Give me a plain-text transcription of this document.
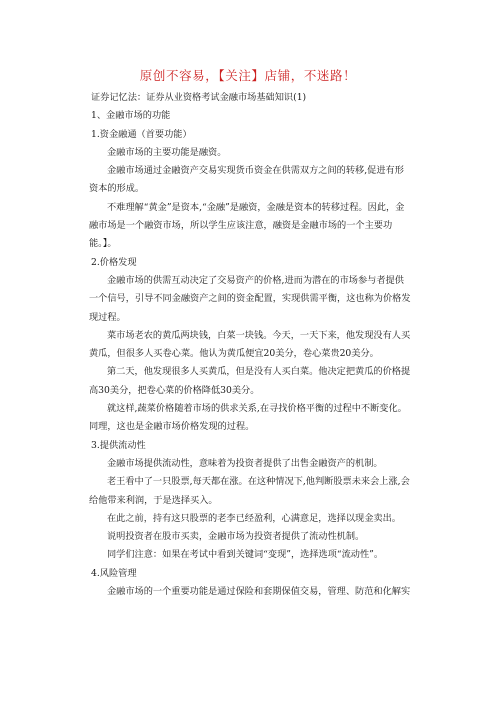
原创不容易，【关注】店铺，不迷路！

证券记忆法：证券从业资格考试金融市场基础知识(1)

1、金融市场的功能

1.资金融通（首要功能）

金融市场的主要功能是融资。

金融市场通过金融资产交易实现货币资金在供需双方之间的转移,促进有形资本的形成。

不难理解“黄金”是资本,“金融”是融资，金融是资本的转移过程。因此，金融市场是一个融资市场，所以学生应该注意，融资是金融市场的一个主要功能。】。

2.价格发现

金融市场的供需互动决定了交易资产的价格,进而为潜在的市场参与者提供一个信号，引导不同金融资产之间的资金配置，实现供需平衡，这也称为价格发现过程。

菜市场老农的黄瓜两块钱，白菜一块钱。今天，一天下来，他发现没有人买黄瓜，但很多人买卷心菜。他认为黄瓜便宜20美分，卷心菜贵20美分。

第二天，他发现很多人买黄瓜，但是没有人买白菜。他决定把黄瓜的价格提高30美分，把卷心菜的价格降低30美分。

就这样,蔬菜价格随着市场的供求关系,在寻找价格平衡的过程中不断变化。同理，这也是金融市场价格发现的过程。

3.提供流动性

金融市场提供流动性，意味着为投资者提供了出售金融资产的机制。

老王看中了一只股票,每天都在涨。在这种情况下,他判断股票未来会上涨,会给他带来利润，于是选择买入。

在此之前，持有这只股票的老李已经盈利，心满意足，选择以现金卖出。

说明投资者在股市买卖，金融市场为投资者提供了流动性机制。

同学们注意：如果在考试中看到关键词“变现”，选择选项“流动性”。

4.风险管理

金融市场的一个重要功能是通过保险和套期保值交易，管理、防范和化解实
